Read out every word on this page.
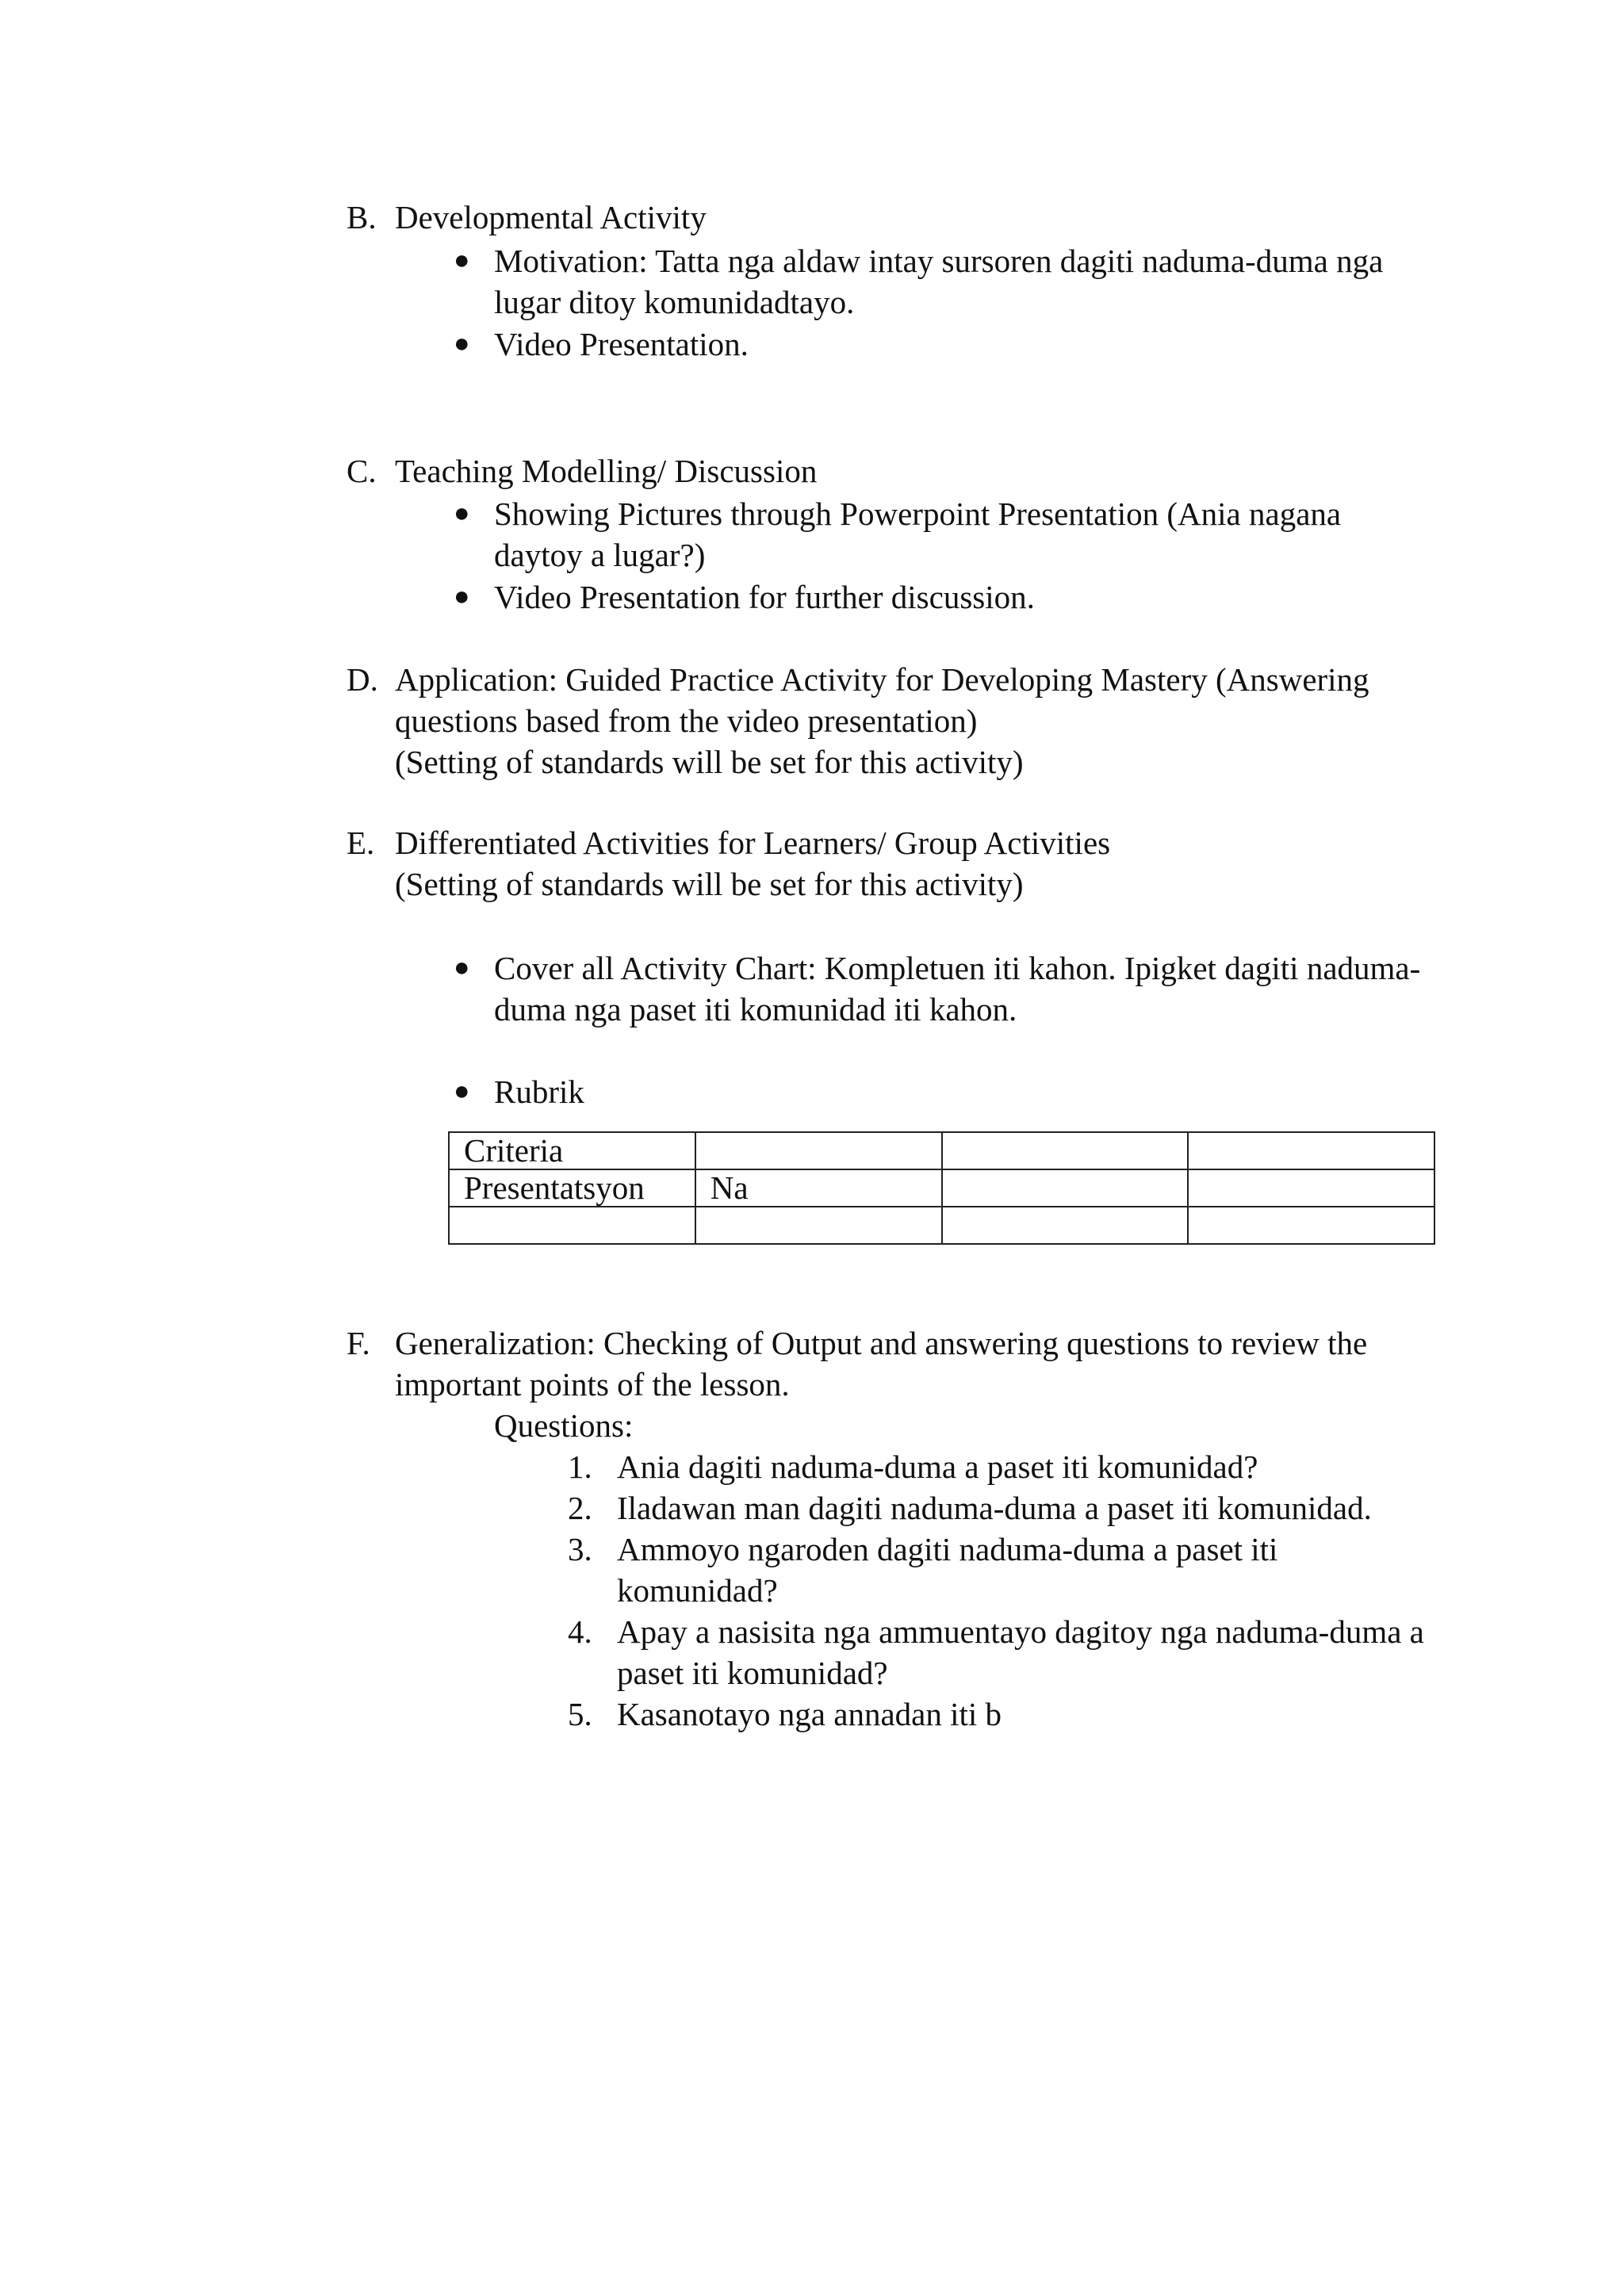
B. Developmental Activity
● Motivation: Tatta nga aldaw intay sursoren dagiti naduma-duma nga
lugar ditoy komunidadtayo.
● Video Presentation.
C. Teaching Modelling/ Discussion
● Showing Pictures through Powerpoint Presentation (Ania nagana
daytoy a lugar?)
● Video Presentation for further discussion.
D. Application: Guided Practice Activity for Developing Mastery (Answering
questions based from the video presentation)
(Setting of standards will be set for this activity)
E. Differentiated Activities for Learners/ Group Activities
(Setting of standards will be set for this activity)
● Cover all Activity Chart: Kompletuen iti kahon. Ipigket dagiti naduma-
duma nga paset iti komunidad iti kahon.
● Rubrik
Criteria			
Presentatsyon	Na		

F. Generalization: Checking of Output and answering questions to review the
important points of the lesson.
Questions:
1. Ania dagiti naduma-duma a paset iti komunidad?
2. Iladawan man dagiti naduma-duma a paset iti komunidad.
3. Ammoyo ngaroden dagiti naduma-duma a paset iti
komunidad?
4. Apay a nasisita nga ammuentayo dagitoy nga naduma-duma a
paset iti komunidad?
5. Kasanotayo nga annadan iti b
